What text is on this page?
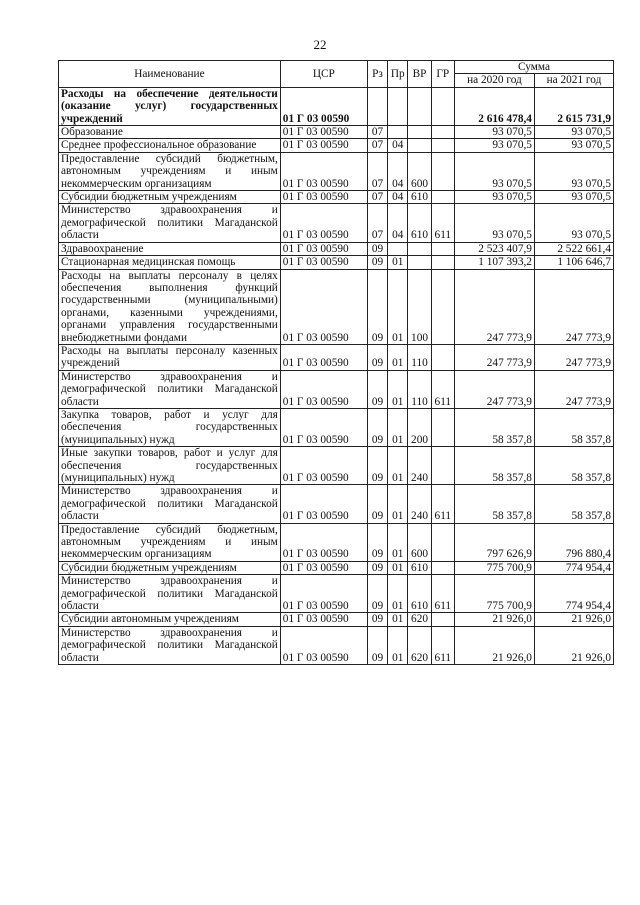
22
Наименование	ЦСР	Рз	Пр	ВР	ГР	Сумма	
						на 2020 год	на 2021 год
Расходы на обеспечение деятельности (оказание услуг) государственных учреждений	01 Г 03 00590					2 616 478,4	2 615 731,9
Образование	01 Г 03 00590	07				93 070,5	93 070,5
Среднее профессиональное образование	01 Г 03 00590	07	04			93 070,5	93 070,5
Предоставление субсидий бюджетным, автономным учреждениям и иным некоммерческим организациям	01 Г 03 00590	07	04	600		93 070,5	93 070,5
Субсидии бюджетным учреждениям	01 Г 03 00590	07	04	610		93 070,5	93 070,5
Министерство здравоохранения и демографической политики Магаданской области	01 Г 03 00590	07	04	610	611	93 070,5	93 070,5
Здравоохранение	01 Г 03 00590	09				2 523 407,9	2 522 661,4
Стационарная медицинская помощь	01 Г 03 00590	09	01			1 107 393,2	1 106 646,7
Расходы на выплаты персоналу в целях обеспечения выполнения функций государственными (муниципальными) органами, казенными учреждениями, органами управления государственными внебюджетными фондами	01 Г 03 00590	09	01	100		247 773,9	247 773,9
Расходы на выплаты персоналу казенных учреждений	01 Г 03 00590	09	01	110		247 773,9	247 773,9
Министерство здравоохранения и демографической политики Магаданской области	01 Г 03 00590	09	01	110	611	247 773,9	247 773,9
Закупка товаров, работ и услуг для обеспечения государственных (муниципальных) нужд	01 Г 03 00590	09	01	200		58 357,8	58 357,8
Иные закупки товаров, работ и услуг для обеспечения государственных (муниципальных) нужд	01 Г 03 00590	09	01	240		58 357,8	58 357,8
Министерство здравоохранения и демографической политики Магаданской области	01 Г 03 00590	09	01	240	611	58 357,8	58 357,8
Предоставление субсидий бюджетным, автономным учреждениям и иным некоммерческим организациям	01 Г 03 00590	09	01	600		797 626,9	796 880,4
Субсидии бюджетным учреждениям	01 Г 03 00590	09	01	610		775 700,9	774 954,4
Министерство здравоохранения и демографической политики Магаданской области	01 Г 03 00590	09	01	610	611	775 700,9	774 954,4
Субсидии автономным учреждениям	01 Г 03 00590	09	01	620		21 926,0	21 926,0
Министерство здравоохранения и демографической политики Магаданской области	01 Г 03 00590	09	01	620	611	21 926,0	21 926,0
